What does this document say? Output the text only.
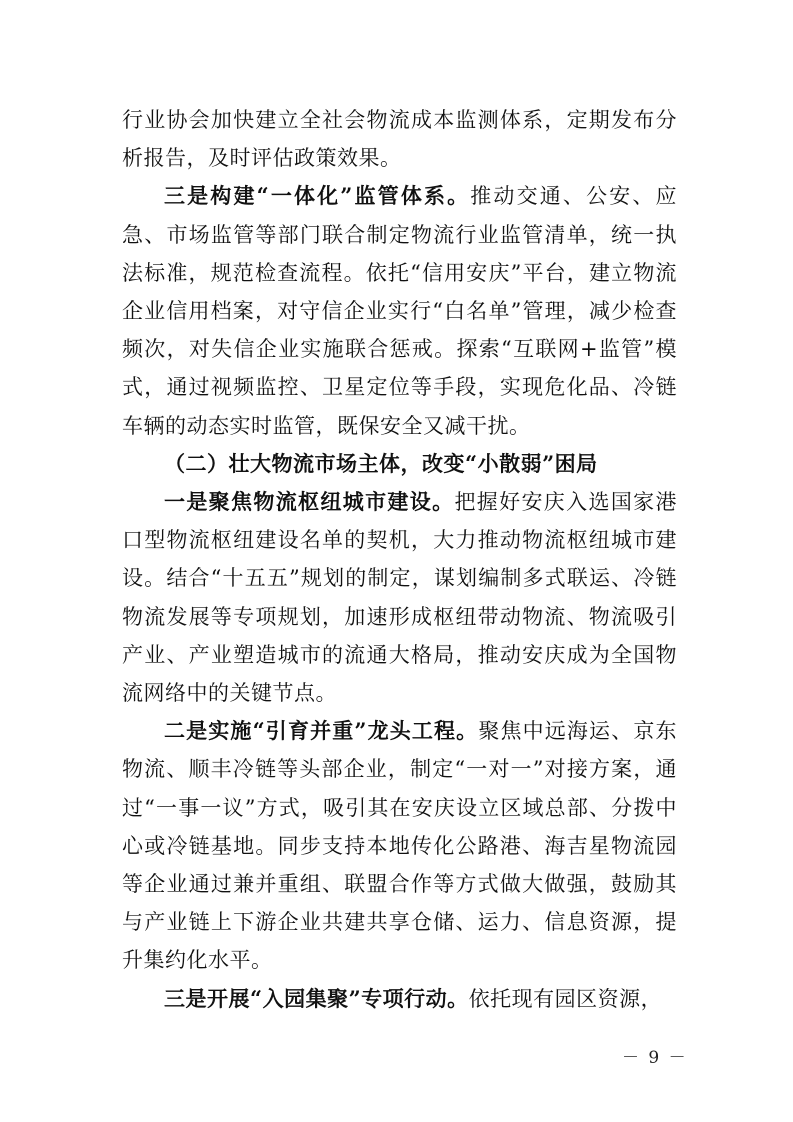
行业协会加快建立全社会物流成本监测体系，定期发布分析报告，及时评估政策效果。

三是构建“一体化”监管体系。推动交通、公安、应急、市场监管等部门联合制定物流行业监管清单，统一执法标准，规范检查流程。依托“信用安庆”平台，建立物流企业信用档案，对守信企业实行“白名单”管理，减少检查频次，对失信企业实施联合惩戒。探索“互联网+监管”模式，通过视频监控、卫星定位等手段，实现危化品、冷链车辆的动态实时监管，既保安全又减干扰。

（二）壮大物流市场主体，改变“小散弱”困局

一是聚焦物流枢纽城市建设。把握好安庆入选国家港口型物流枢纽建设名单的契机，大力推动物流枢纽城市建设。结合“十五五”规划的制定，谋划编制多式联运、冷链物流发展等专项规划，加速形成枢纽带动物流、物流吸引产业、产业塑造城市的流通大格局，推动安庆成为全国物流网络中的关键节点。

二是实施“引育并重”龙头工程。聚焦中远海运、京东物流、顺丰冷链等头部企业，制定“一对一”对接方案，通过“一事一议”方式，吸引其在安庆设立区域总部、分拨中心或冷链基地。同步支持本地传化公路港、海吉星物流园等企业通过兼并重组、联盟合作等方式做大做强，鼓励其与产业链上下游企业共建共享仓储、运力、信息资源，提升集约化水平。

三是开展“入园集聚”专项行动。依托现有园区资源，

－ 9 －
